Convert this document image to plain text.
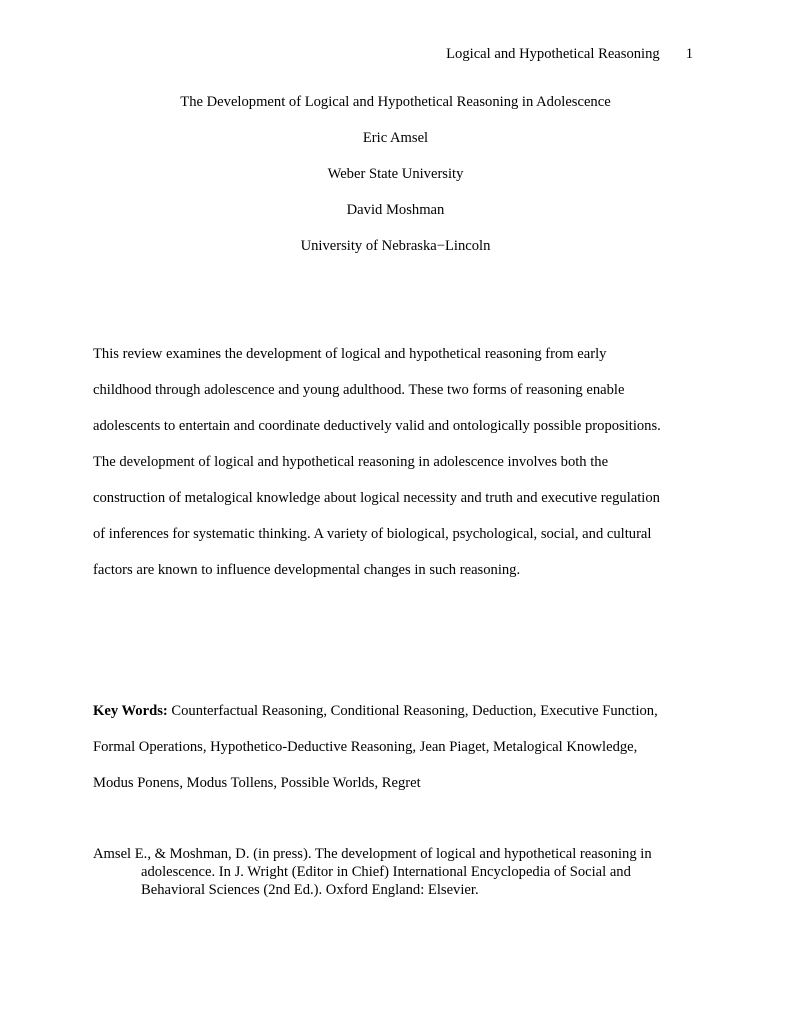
Logical and Hypothetical Reasoning 1
The Development of Logical and Hypothetical Reasoning in Adolescence
Eric Amsel
Weber State University
David Moshman
University of Nebraska−Lincoln
This review examines the development of logical and hypothetical reasoning from early
childhood through adolescence and young adulthood. These two forms of reasoning enable
adolescents to entertain and coordinate deductively valid and ontologically possible propositions.
The development of logical and hypothetical reasoning in adolescence involves both the
construction of metalogical knowledge about logical necessity and truth and executive regulation
of inferences for systematic thinking. A variety of biological, psychological, social, and cultural
factors are known to influence developmental changes in such reasoning.
Key Words: Counterfactual Reasoning, Conditional Reasoning, Deduction, Executive Function,
Formal Operations, Hypothetico-Deductive Reasoning, Jean Piaget, Metalogical Knowledge,
Modus Ponens, Modus Tollens, Possible Worlds, Regret
Amsel E., & Moshman, D. (in press). The development of logical and hypothetical reasoning in
adolescence. In J. Wright (Editor in Chief) International Encyclopedia of Social and
Behavioral Sciences (2nd Ed.). Oxford England: Elsevier.
